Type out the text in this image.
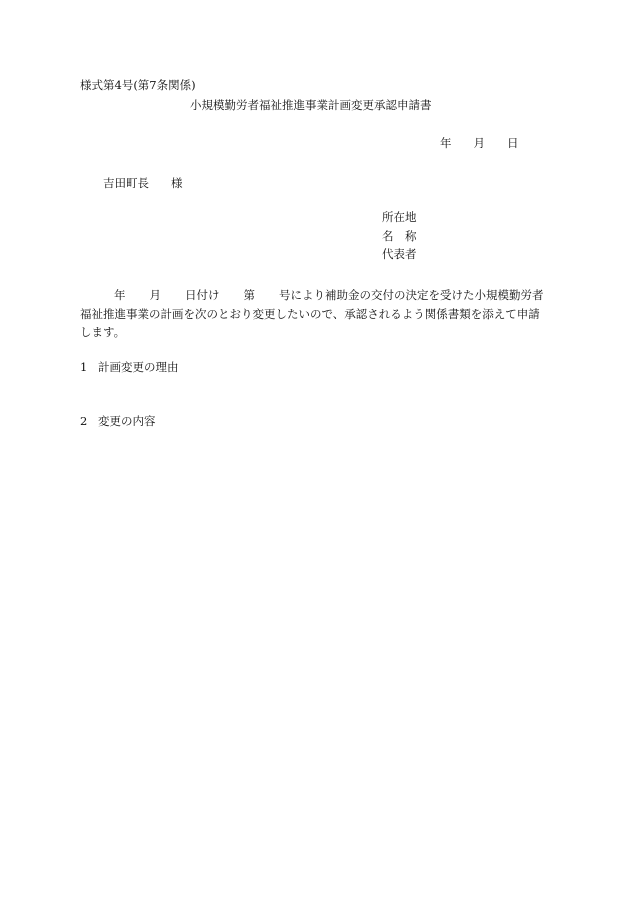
様式第4号(第7条関係)
小規模勤労者福祉推進事業計画変更承認申請書
年 月 日
吉田町長 様
所在地
名　称
代表者
年 月 日付け 第 号により補助金の交付の決定を受けた小規模勤労者
福祉推進事業の計画を次のとおり変更したいので、承認されるよう関係書類を添えて申請
します。
1 計画変更の理由
2 変更の内容
